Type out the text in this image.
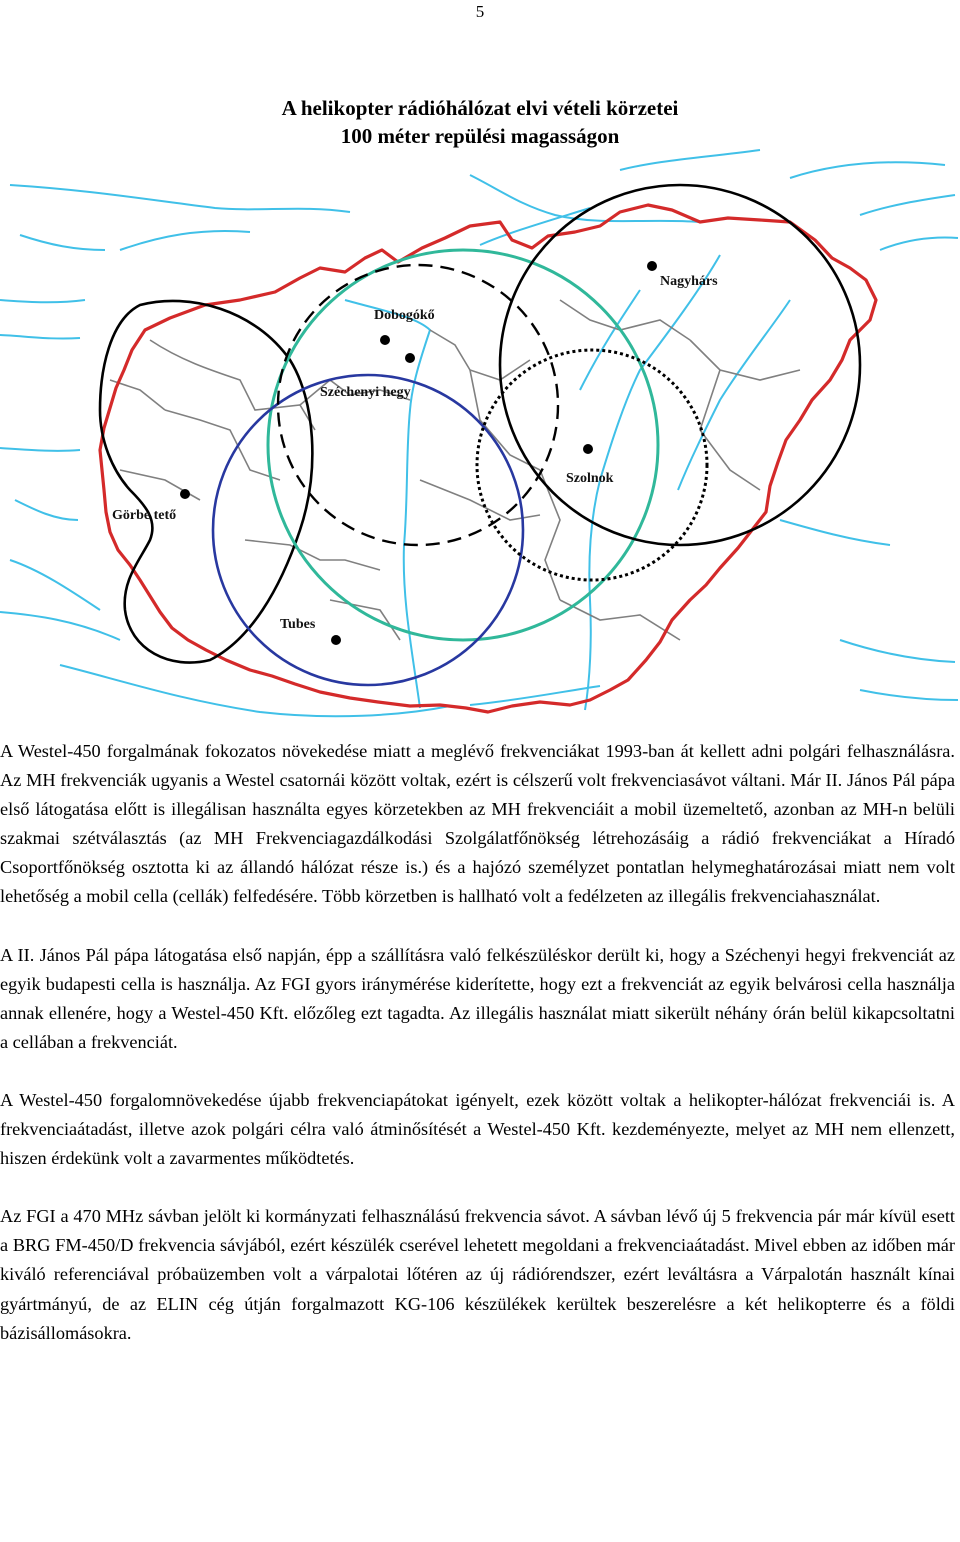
5
A helikopter rádióhálózat elvi vételi körzetei
100 méter repülési magasságon
Nagyhárs
Dobogókő
Széchenyi hegy
Szolnok
Görbe tető
Tubes

A Westel-450 forgalmának fokozatos növekedése miatt a meglévő frekvenciákat 1993-ban át kellett adni polgári felhasználásra. Az MH frekvenciák ugyanis a Westel csatornái között voltak, ezért is célszerű volt frekvenciasávot váltani. Már II. János Pál pápa első látogatása előtt is illegálisan használta egyes körzetekben az MH frekvenciáit a mobil üzemeltető, azonban az MH-n belüli szakmai szétválasztás (az MH Frekvenciagazdálkodási Szolgálatfőnökség létrehozásáig a rádió frekvenciákat a Híradó Csoportfőnökség osztotta ki az állandó hálózat része is.) és a hajózó személyzet pontatlan helymeghatározásai miatt nem volt lehetőség a mobil cella (cellák) felfedésére. Több körzetben is hallható volt a fedélzeten az illegális frekvenciahasználat.

A II. János Pál pápa látogatása első napján, épp a szállításra való felkészüléskor derült ki, hogy a Széchenyi hegyi frekvenciát az egyik budapesti cella is használja. Az FGI gyors iránymérése kiderítette, hogy ezt a frekvenciát az egyik belvárosi cella használja annak ellenére, hogy a Westel-450 Kft. előzőleg ezt tagadta. Az illegális használat miatt sikerült néhány órán belül kikapcsoltatni a cellában a frekvenciát.

A Westel-450 forgalomnövekedése újabb frekvenciapátokat igényelt, ezek között voltak a helikopter-hálózat frekvenciái is. A frekvenciaátadást, illetve azok polgári célra való átminősítését a Westel-450 Kft. kezdeményezte, melyet az MH nem ellenzett, hiszen érdekünk volt a zavarmentes működtetés.

Az FGI a 470 MHz sávban jelölt ki kormányzati felhasználású frekvencia sávot. A sávban lévő új 5 frekvencia pár már kívül esett a BRG FM-450/D frekvencia sávjából, ezért készülék cserével lehetett megoldani a frekvenciaátadást. Mivel ebben az időben már kiváló referenciával próbaüzemben volt a várpalotai lőtéren az új rádiórendszer, ezért leváltásra a Várpalotán használt kínai gyártmányú, de az ELIN cég útján forgalmazott KG-106 készülékek kerültek beszerelésre a két helikopterre és a földi bázisállomásokra.
